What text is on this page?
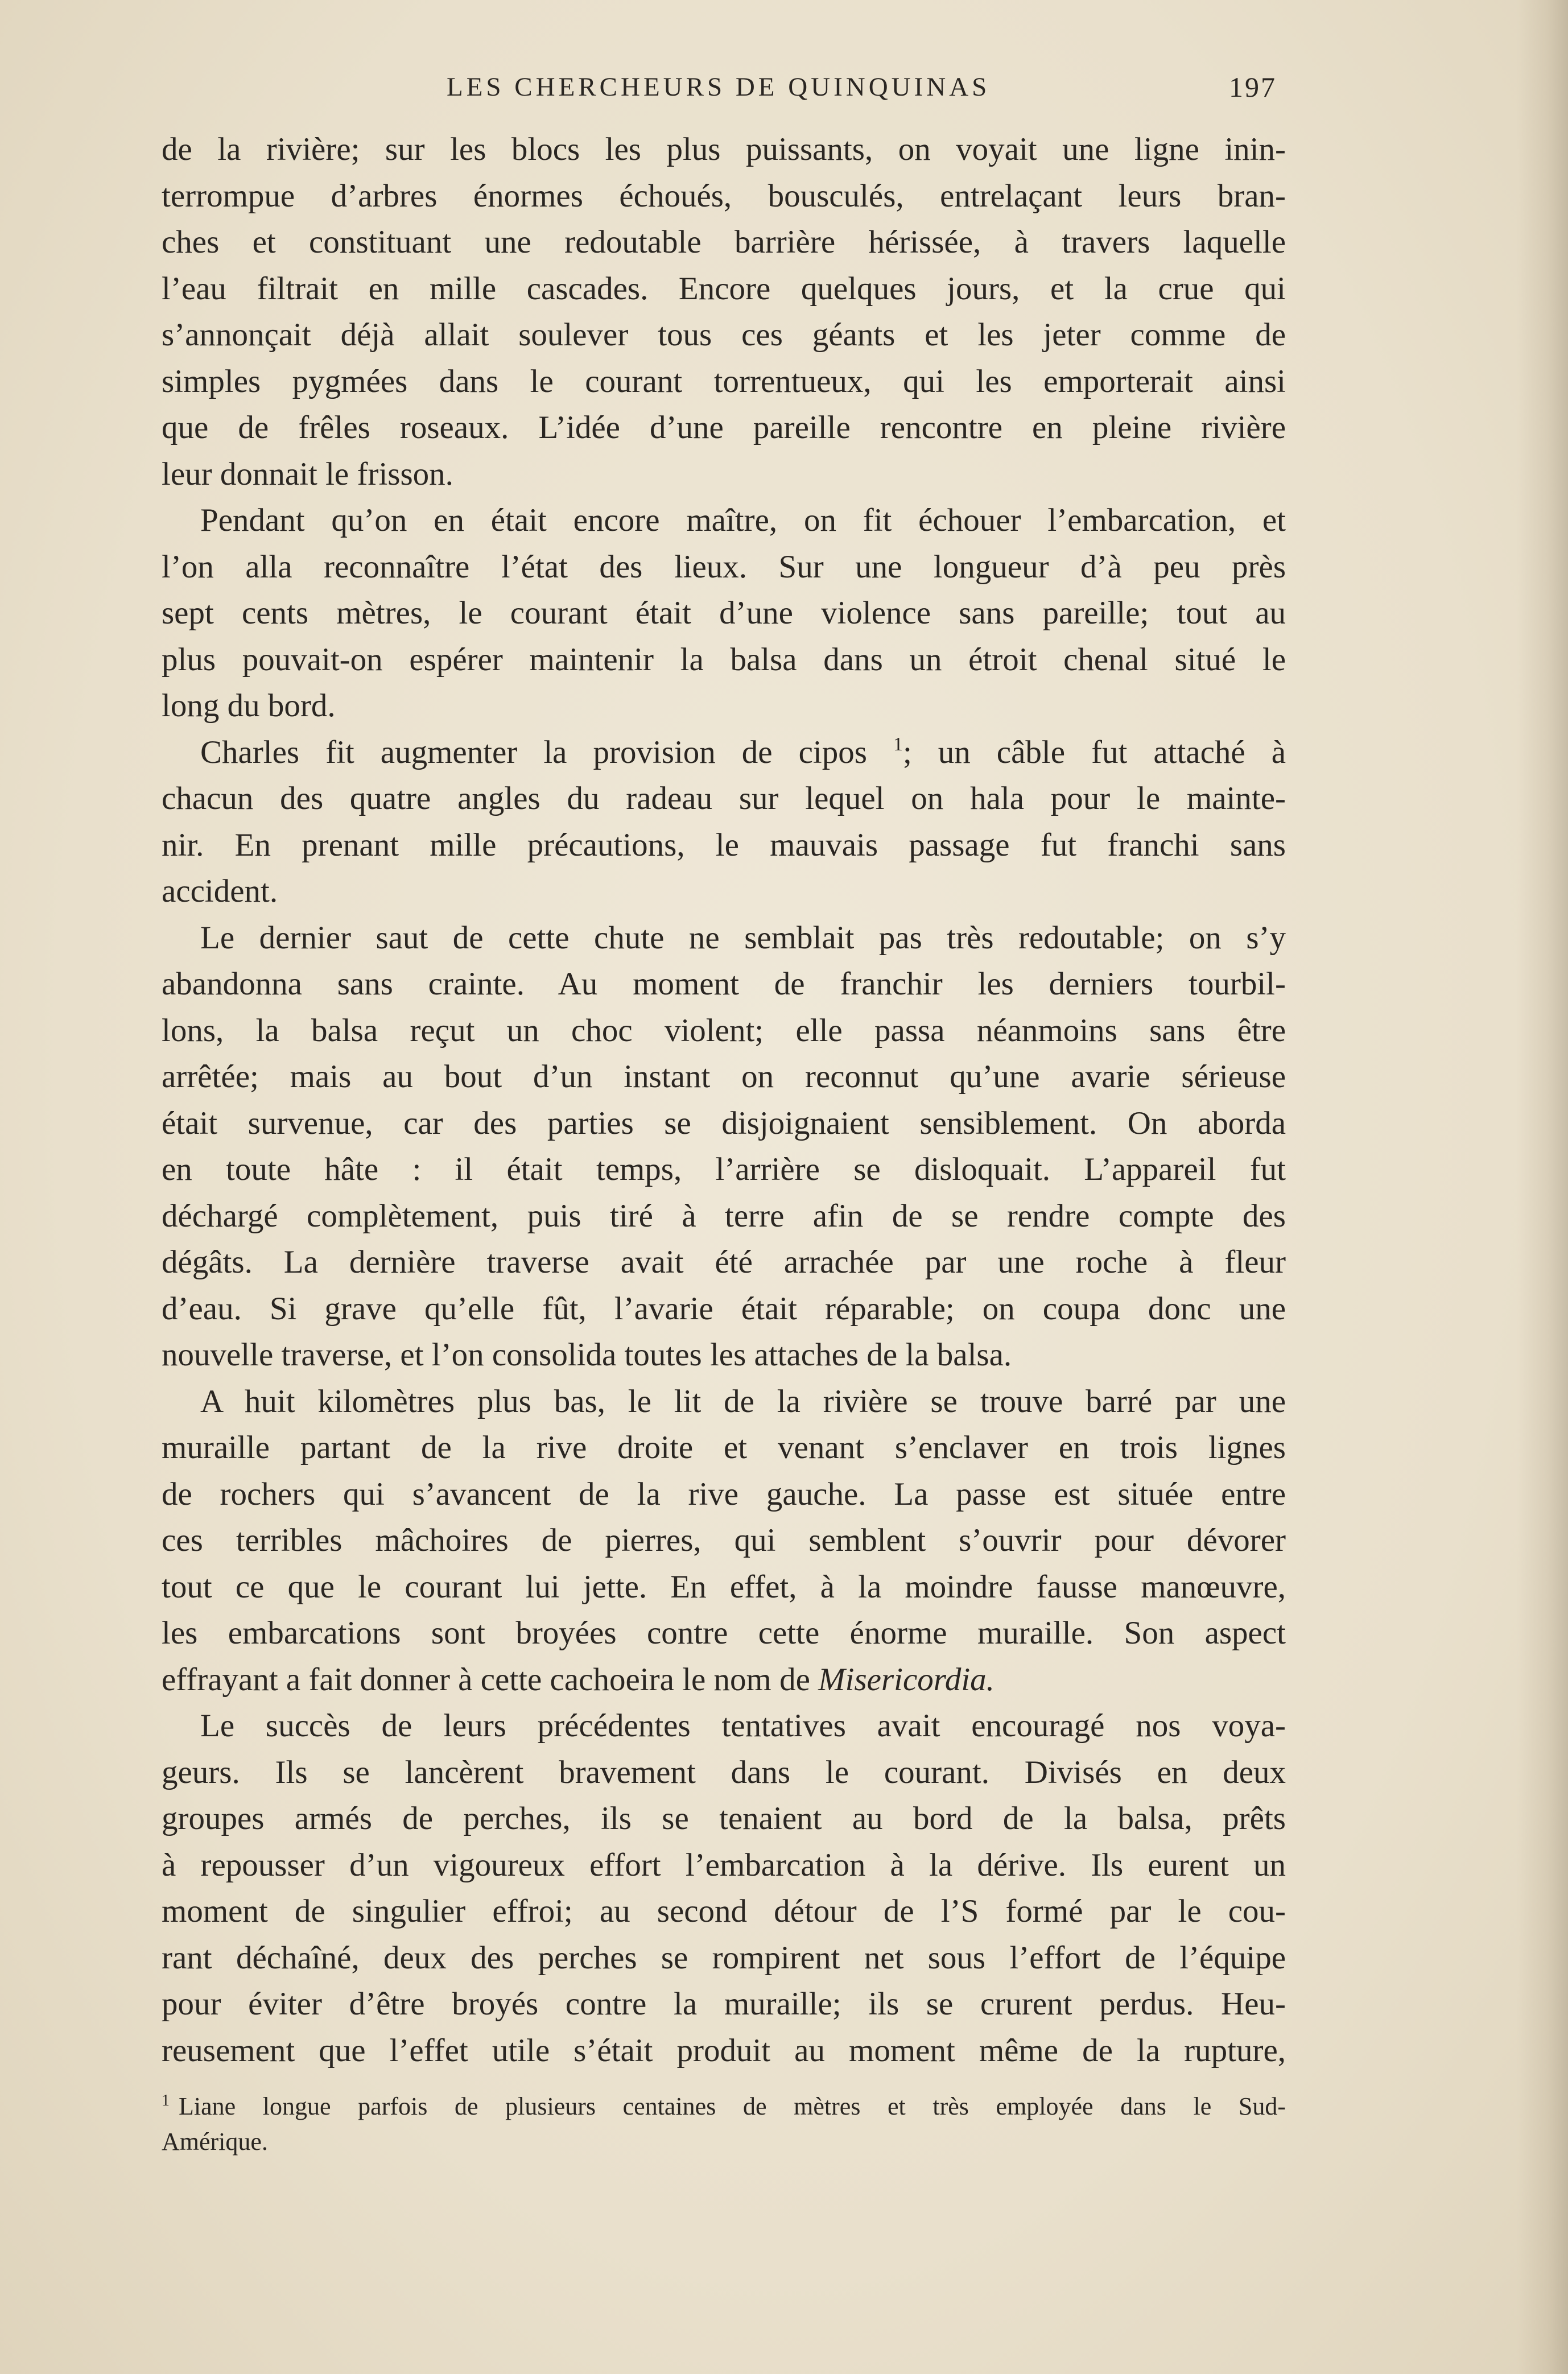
LES CHERCHEURS DE QUINQUINAS	197
de la rivière; sur les blocs les plus puissants, on voyait une ligne inin-
terrompue d’arbres énormes échoués, bousculés, entrelaçant leurs bran-
ches et constituant une redoutable barrière hérissée, à travers laquelle
l’eau filtrait en mille cascades. Encore quelques jours, et la crue qui
s’annonçait déjà allait soulever tous ces géants et les jeter comme de
simples pygmées dans le courant torrentueux, qui les emporterait ainsi
que de frêles roseaux. L’idée d’une pareille rencontre en pleine rivière
leur donnait le frisson.
Pendant qu’on en était encore maître, on fit échouer l’embarcation, et
l’on alla reconnaître l’état des lieux. Sur une longueur d’à peu près
sept cents mètres, le courant était d’une violence sans pareille; tout au
plus pouvait-on espérer maintenir la balsa dans un étroit chenal situé le
long du bord.
Charles fit augmenter la provision de cipos $^1$; un câble fut attaché à
chacun des quatre angles du radeau sur lequel on hala pour le mainte-
nir. En prenant mille précautions, le mauvais passage fut franchi sans
accident.
Le dernier saut de cette chute ne semblait pas très redoutable; on s’y
abandonna sans crainte. Au moment de franchir les derniers tourbil-
lons, la balsa reçut un choc violent; elle passa néanmoins sans être
arrêtée; mais au bout d’un instant on reconnut qu’une avarie sérieuse
était survenue, car des parties se disjoignaient sensiblement. On aborda
en toute hâte : il était temps, l’arrière se disloquait. L’appareil fut
déchargé complètement, puis tiré à terre afin de se rendre compte des
dégâts. La dernière traverse avait été arrachée par une roche à fleur
d’eau. Si grave qu’elle fût, l’avarie était réparable; on coupa donc une
nouvelle traverse, et l’on consolida toutes les attaches de la balsa.
A huit kilomètres plus bas, le lit de la rivière se trouve barré par une
muraille partant de la rive droite et venant s’enclaver en trois lignes
de rochers qui s’avancent de la rive gauche. La passe est située entre
ces terribles mâchoires de pierres, qui semblent s’ouvrir pour dévorer
tout ce que le courant lui jette. En effet, à la moindre fausse manœuvre,
les embarcations sont broyées contre cette énorme muraille. Son aspect
effrayant a fait donner à cette cachoeira le nom de Misericordia.
Le succès de leurs précédentes tentatives avait encouragé nos voya-
geurs. Ils se lancèrent bravement dans le courant. Divisés en deux
groupes armés de perches, ils se tenaient au bord de la balsa, prêts
à repousser d’un vigoureux effort l’embarcation à la dérive. Ils eurent un
moment de singulier effroi; au second détour de l’S formé par le cou-
rant déchaîné, deux des perches se rompirent net sous l’effort de l’équipe
pour éviter d’être broyés contre la muraille; ils se crurent perdus. Heu-
reusement que l’effet utile s’était produit au moment même de la rupture,
$^1$ Liane longue parfois de plusieurs centaines de mètres et très employée dans le Sud-
Amérique.
